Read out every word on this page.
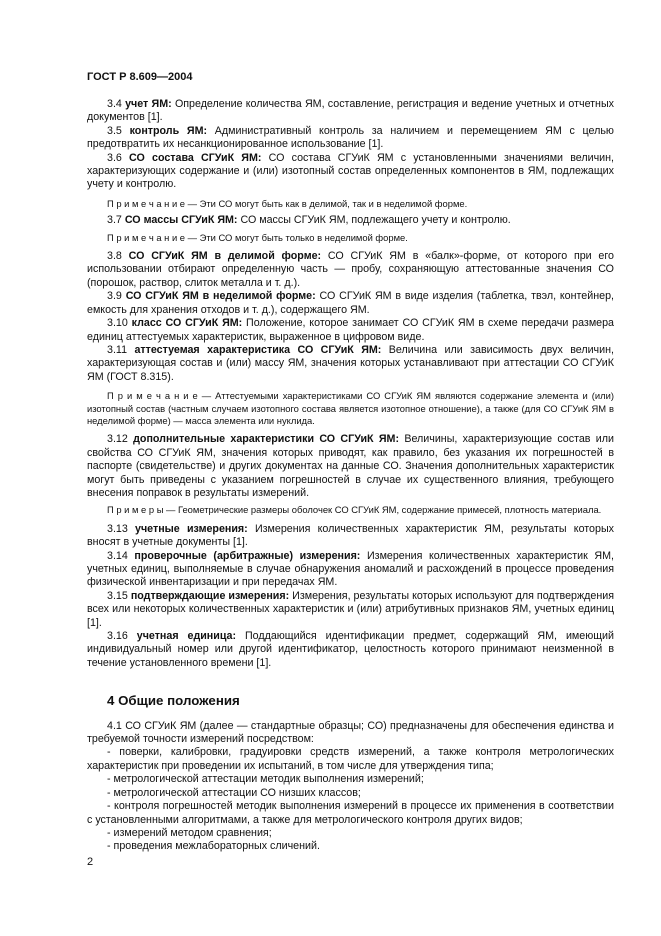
ГОСТ Р 8.609—2004

3.4 учет ЯМ: Определение количества ЯМ, составление, регистрация и ведение учетных и отчетных документов [1].

3.5 контроль ЯМ: Административный контроль за наличием и перемещением ЯМ с целью предотвратить их несанкционированное использование [1].

3.6 СО состава СГУиК ЯМ: СО состава СГУиК ЯМ с установленными значениями величин, характеризующих содержание и (или) изотопный состав определенных компонентов в ЯМ, подлежащих учету и контролю.

П р и м е ч а н и е — Эти СО могут быть как в делимой, так и в неделимой форме.

3.7 СО массы СГУиК ЯМ: СО массы СГУиК ЯМ, подлежащего учету и контролю.

П р и м е ч а н и е — Эти СО могут быть только в неделимой форме.

3.8 СО СГУиК ЯМ в делимой форме: СО СГУиК ЯМ в «балк»-форме, от которого при его использовании отбирают определенную часть — пробу, сохраняющую аттестованные значения СО (порошок, раствор, слиток металла и т. д.).

3.9 СО СГУиК ЯМ в неделимой форме: СО СГУиК ЯМ в виде изделия (таблетка, твэл, контейнер, емкость для хранения отходов и т. д.), содержащего ЯМ.

3.10 класс СО СГУиК ЯМ: Положение, которое занимает СО СГУиК ЯМ в схеме передачи размера единиц аттестуемых характеристик, выраженное в цифровом виде.

3.11 аттестуемая характеристика СО СГУиК ЯМ: Величина или зависимость двух величин, характеризующая состав и (или) массу ЯМ, значения которых устанавливают при аттестации СО СГУиК ЯМ (ГОСТ 8.315).

П р и м е ч а н и е — Аттестуемыми характеристиками СО СГУиК ЯМ являются содержание элемента и (или) изотопный состав (частным случаем изотопного состава является изотопное отношение), а также (для СО СГУиК ЯМ в неделимой форме) — масса элемента или нуклида.

3.12 дополнительные характеристики СО СГУиК ЯМ: Величины, характеризующие состав или свойства СО СГУиК ЯМ, значения которых приводят, как правило, без указания их погрешностей в паспорте (свидетельстве) и других документах на данные СО. Значения дополнительных характеристик могут быть приведены с указанием погрешностей в случае их существенного влияния, требующего внесения поправок в результаты измерений.

П р и м е р ы — Геометрические размеры оболочек СО СГУиК ЯМ, содержание примесей, плотность материала.

3.13 учетные измерения: Измерения количественных характеристик ЯМ, результаты которых вносят в учетные документы [1].

3.14 проверочные (арбитражные) измерения: Измерения количественных характеристик ЯМ, учетных единиц, выполняемые в случае обнаружения аномалий и расхождений в процессе проведения физической инвентаризации и при передачах ЯМ.

3.15 подтверждающие измерения: Измерения, результаты которых используют для подтверждения всех или некоторых количественных характеристик и (или) атрибутивных признаков ЯМ, учетных единиц [1].

3.16 учетная единица: Поддающийся идентификации предмет, содержащий ЯМ, имеющий индивидуальный номер или другой идентификатор, целостность которого принимают неизменной в течение установленного времени [1].

4 Общие положения

4.1 СО СГУиК ЯМ (далее — стандартные образцы; СО) предназначены для обеспечения единства и требуемой точности измерений посредством:

- поверки, калибровки, градуировки средств измерений, а также контроля метрологических характеристик при проведении их испытаний, в том числе для утверждения типа;

- метрологической аттестации методик выполнения измерений;

- метрологической аттестации СО низших классов;

- контроля погрешностей методик выполнения измерений в процессе их применения в соответствии с установленными алгоритмами, а также для метрологического контроля других видов;

- измерений методом сравнения;

- проведения межлабораторных сличений.

2
